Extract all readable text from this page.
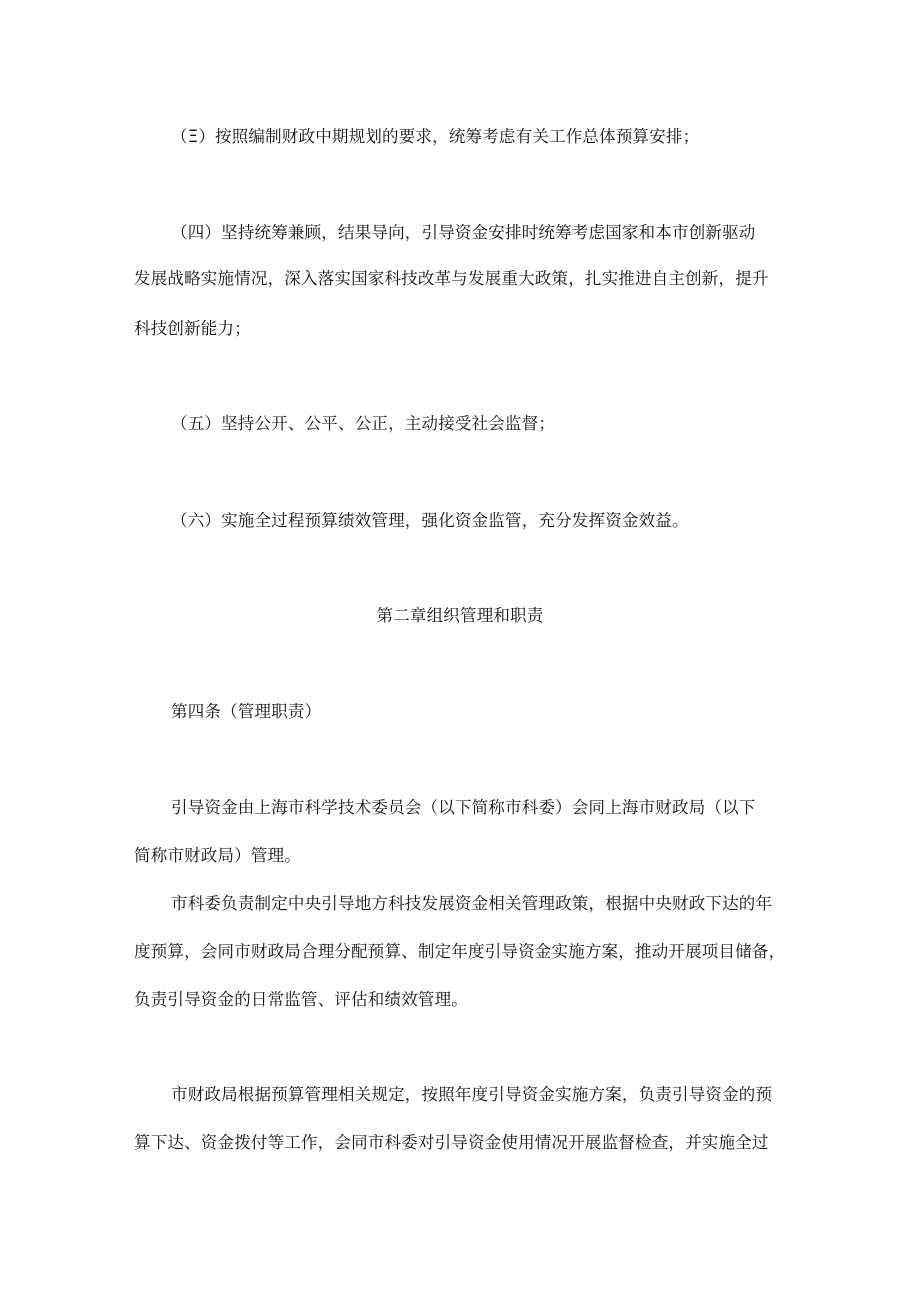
（Ξ）按照编制财政中期规划的要求，统筹考虑有关工作总体预算安排；
（四）坚持统筹兼顾，结果导向，引导资金安排时统筹考虑国家和本市创新驱动
发展战略实施情况，深入落实国家科技改革与发展重大政策，扎实推进自主创新，提升
科技创新能力；
（五）坚持公开、公平、公正，主动接受社会监督；
（六）实施全过程预算绩效管理，强化资金监管，充分发挥资金效益。
第二章组织管理和职责
第四条（管理职责）
引导资金由上海市科学技术委员会（以下简称市科委）会同上海市财政局（以下
简称市财政局）管理。
市科委负责制定中央引导地方科技发展资金相关管理政策，根据中央财政下达的年
度预算，会同市财政局合理分配预算、制定年度引导资金实施方案，推动开展项目储备，
负责引导资金的日常监管、评估和绩效管理。
市财政局根据预算管理相关规定，按照年度引导资金实施方案，负责引导资金的预
算下达、资金拨付等工作，会同市科委对引导资金使用情况开展监督检查，并实施全过
